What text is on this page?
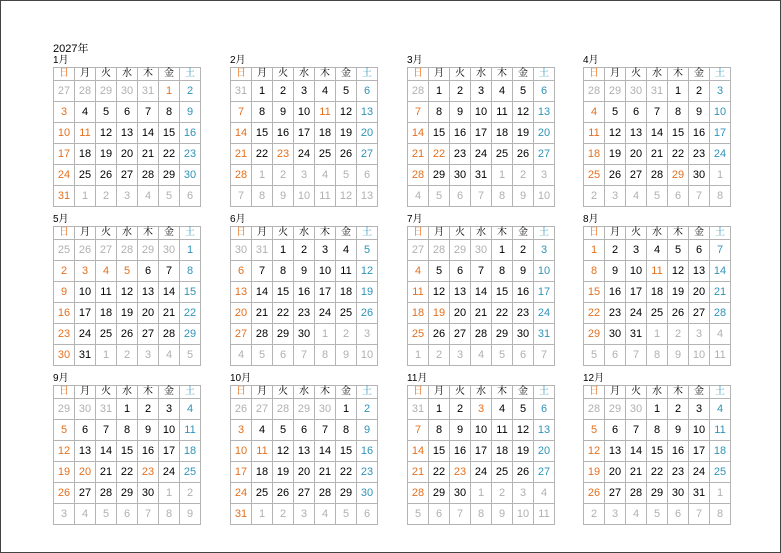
2027年
1月
日	月	火	水	木	金	土
27	28	29	30	31	1	2
3	4	5	6	7	8	9
10	11	12	13	14	15	16
17	18	19	20	21	22	23
24	25	26	27	28	29	30
31	1	2	3	4	5	6
2月
日	月	火	水	木	金	土
31	1	2	3	4	5	6
7	8	9	10	11	12	13
14	15	16	17	18	19	20
21	22	23	24	25	26	27
28	1	2	3	4	5	6
7	8	9	10	11	12	13
3月
日	月	火	水	木	金	土
28	1	2	3	4	5	6
7	8	9	10	11	12	13
14	15	16	17	18	19	20
21	22	23	24	25	26	27
28	29	30	31	1	2	3
4	5	6	7	8	9	10
4月
日	月	火	水	木	金	土
28	29	30	31	1	2	3
4	5	6	7	8	9	10
11	12	13	14	15	16	17
18	19	20	21	22	23	24
25	26	27	28	29	30	1
2	3	4	5	6	7	8
5月
日	月	火	水	木	金	土
25	26	27	28	29	30	1
2	3	4	5	6	7	8
9	10	11	12	13	14	15
16	17	18	19	20	21	22
23	24	25	26	27	28	29
30	31	1	2	3	4	5
6月
日	月	火	水	木	金	土
30	31	1	2	3	4	5
6	7	8	9	10	11	12
13	14	15	16	17	18	19
20	21	22	23	24	25	26
27	28	29	30	1	2	3
4	5	6	7	8	9	10
7月
日	月	火	水	木	金	土
27	28	29	30	1	2	3
4	5	6	7	8	9	10
11	12	13	14	15	16	17
18	19	20	21	22	23	24
25	26	27	28	29	30	31
1	2	3	4	5	6	7
8月
日	月	火	水	木	金	土
1	2	3	4	5	6	7
8	9	10	11	12	13	14
15	16	17	18	19	20	21
22	23	24	25	26	27	28
29	30	31	1	2	3	4
5	6	7	8	9	10	11
9月
日	月	火	水	木	金	土
29	30	31	1	2	3	4
5	6	7	8	9	10	11
12	13	14	15	16	17	18
19	20	21	22	23	24	25
26	27	28	29	30	1	2
3	4	5	6	7	8	9
10月
日	月	火	水	木	金	土
26	27	28	29	30	1	2
3	4	5	6	7	8	9
10	11	12	13	14	15	16
17	18	19	20	21	22	23
24	25	26	27	28	29	30
31	1	2	3	4	5	6
11月
日	月	火	水	木	金	土
31	1	2	3	4	5	6
7	8	9	10	11	12	13
14	15	16	17	18	19	20
21	22	23	24	25	26	27
28	29	30	1	2	3	4
5	6	7	8	9	10	11
12月
日	月	火	水	木	金	土
28	29	30	1	2	3	4
5	6	7	8	9	10	11
12	13	14	15	16	17	18
19	20	21	22	23	24	25
26	27	28	29	30	31	1
2	3	4	5	6	7	8
